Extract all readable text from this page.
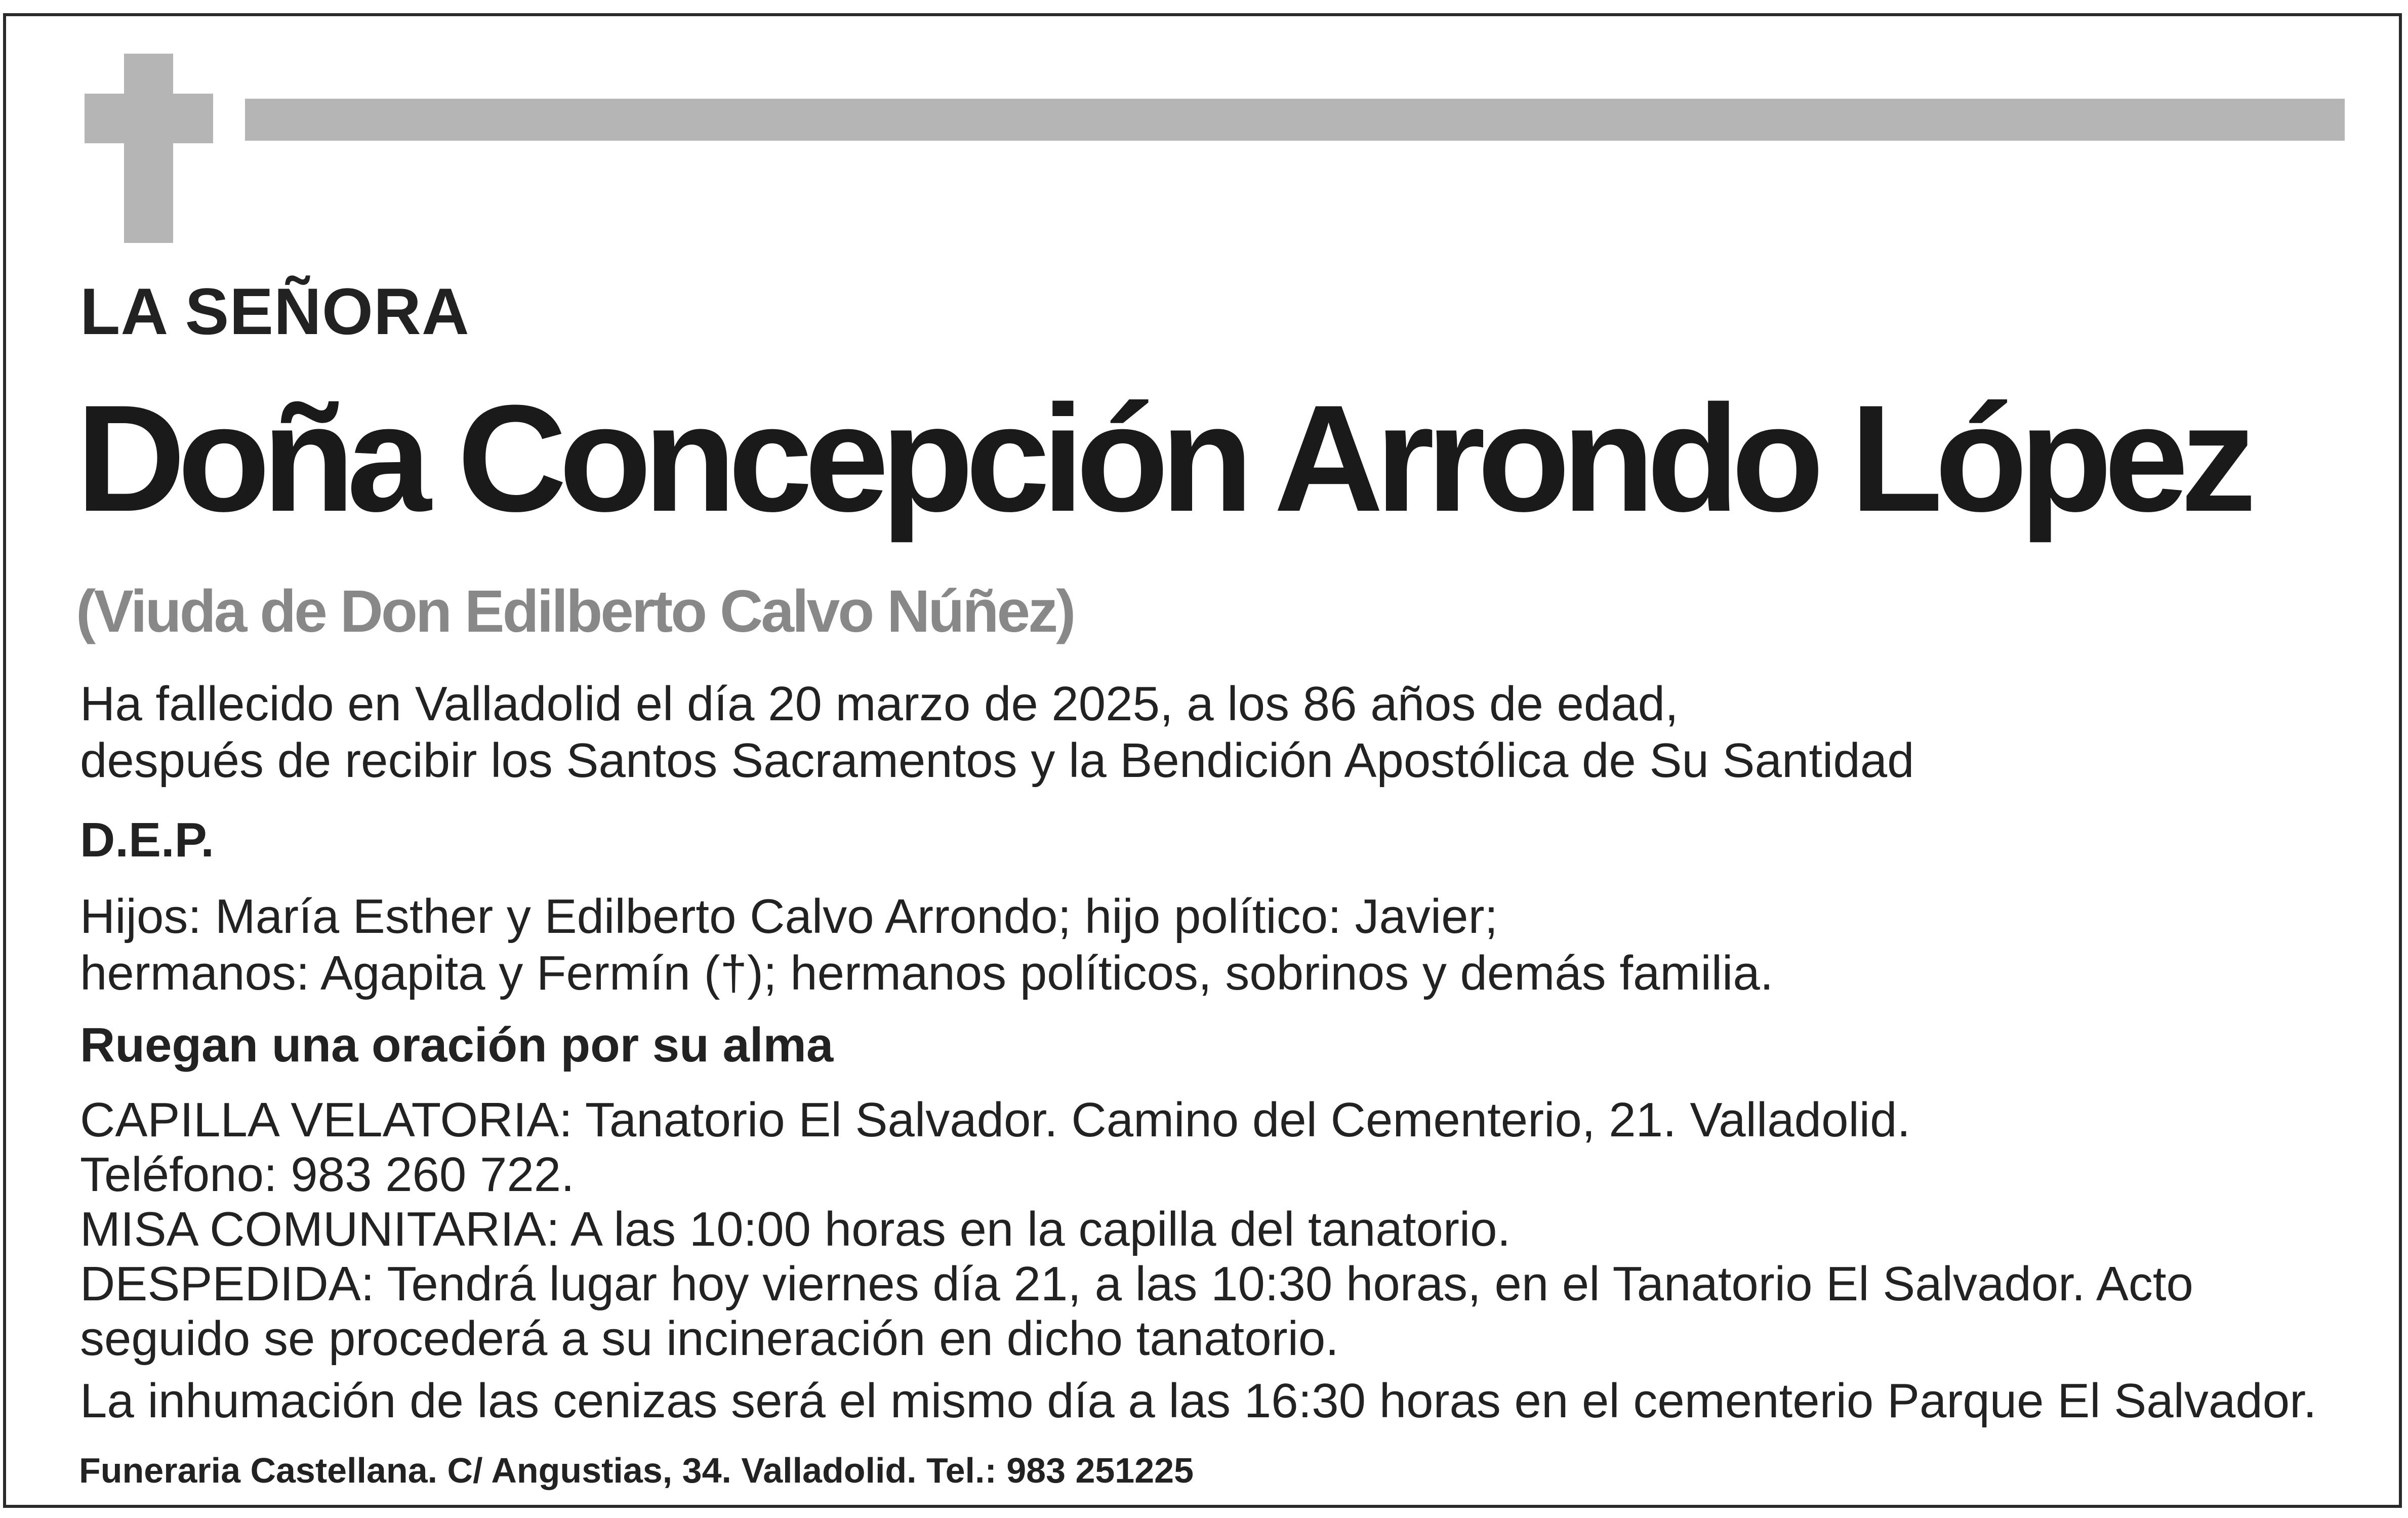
LA SEÑORA

Doña Concepción Arrondo López

(Viuda de Don Edilberto Calvo Núñez)

Ha fallecido en Valladolid el día 20 marzo de 2025, a los 86 años de edad,

después de recibir los Santos Sacramentos y la Bendición Apostólica de Su Santidad

D.E.P.

Hijos: María Esther y Edilberto Calvo Arrondo; hijo político: Javier;

hermanos: Agapita y Fermín (†); hermanos políticos, sobrinos y demás familia.

Ruegan una oración por su alma

CAPILLA VELATORIA: Tanatorio El Salvador. Camino del Cementerio, 21. Valladolid.

Teléfono: 983 260 722.

MISA COMUNITARIA: A las 10:00 horas en la capilla del tanatorio.

DESPEDIDA: Tendrá lugar hoy viernes día 21, a las 10:30 horas, en el Tanatorio El Salvador. Acto

seguido se procederá a su incineración en dicho tanatorio.

La inhumación de las cenizas será el mismo día a las 16:30 horas en el cementerio Parque El Salvador.

Funeraria Castellana. C/ Angustias, 34. Valladolid. Tel.: 983 251225
